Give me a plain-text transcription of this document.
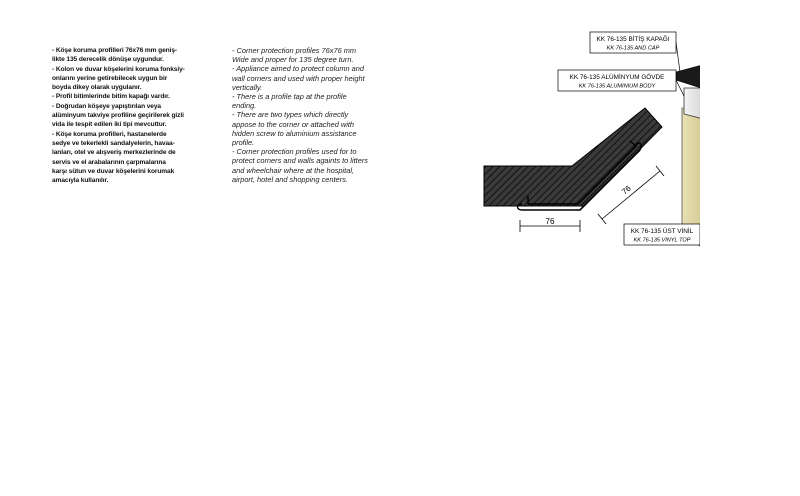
- Köşe koruma profilleri 76x76 mm geniş-
likte 135 derecelik dönüşe uygundur.

- Kolon ve duvar köşelerini koruma fonksiy-
onlarını yerine getirebilecek uygun bir
boyda dikey olarak uygulanır.

- Profil bitimlerinde bitim kapağı vardır.

- Doğrudan köşeye yapıştırılan veya
alüminyum takviye profiline geçirilerek gizli
vida ile tespit edilen iki tipi mevcuttur.

- Köşe koruma profilleri, hastanelerde
sedye ve tekerlekli sandalyelerin, havaa-
lanları, otel ve alışveriş merkezlerinde de
servis ve el arabalarının çarpmalarına
karşı sütun ve duvar köşelerini korumak
amacıyla kullanılır.

- Corner protection profiles 76x76 mm
Wide and proper for 135 degree turn.

- Appliance aimed to protect column and
wall corners and used with proper height
vertically.

- There is a profile tap at the profile
ending.

- There are two types which directly
appose to the corner or attached with
hidden screw to aluminium assistance
profile.

- Corner protection profiles used for to
protect corners and walls againts to litters
and wheelchair where at the hospital,
airport, hotel and shopping centers.

76
76
KK 76-135 BİTİŞ KAPAĞI
KK 76-135 AND CAP
KK 76-135 ALÜMİNYUM GÖVDE
KK 76-135 ALUMINIUM BODY
KK 76-135 ÜST VİNİL
KK 76-135 VINYL TOP
